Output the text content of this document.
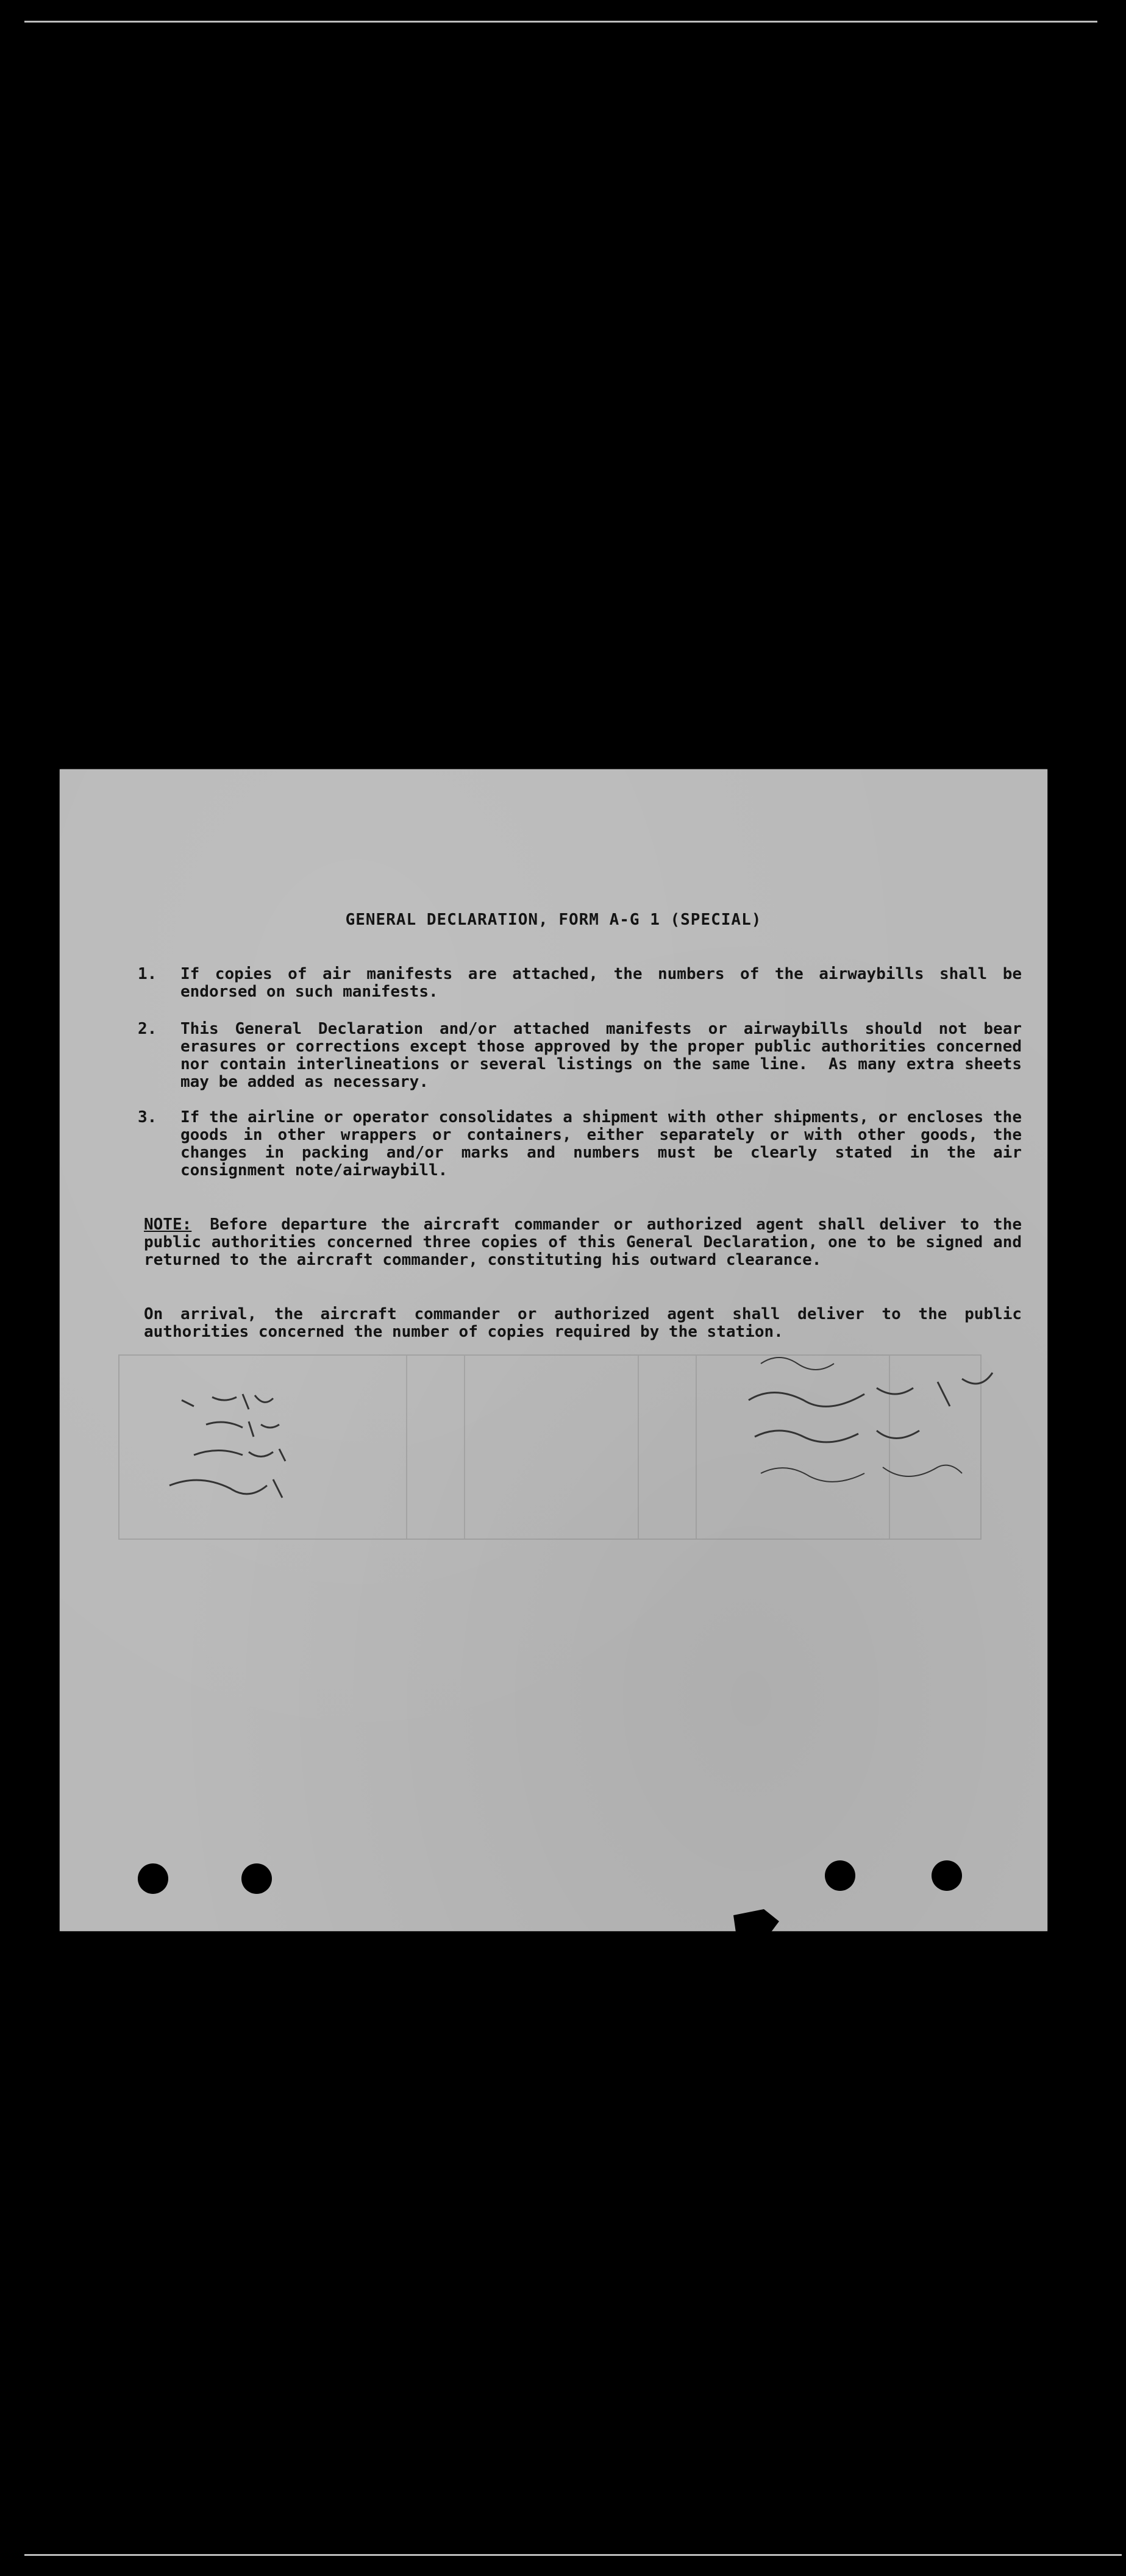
GENERAL DECLARATION, FORM A-G 1 (SPECIAL)
1.	If copies of air manifests are attached, the numbers of the airwaybills shall be endorsed on such manifests.
2.	This General Declaration and/or attached manifests or airwaybills should not bear erasures or corrections except those approved by the proper public authorities concerned nor contain interlineations or several listings on the same line.  As many extra sheets may be added as necessary.
3.	If the airline or operator consolidates a shipment with other shipments, or encloses the goods in other wrappers or containers, either separately or with other goods, the changes in packing and/or marks and numbers must be clearly stated in the air consignment note/airwaybill.
NOTE: Before departure the aircraft commander or authorized agent shall deliver to the public authorities concerned three copies of this General Declaration, one to be signed and returned to the aircraft commander, constituting his outward clearance.
On arrival, the aircraft commander or authorized agent shall deliver to the public authorities concerned the number of copies required by the station.
